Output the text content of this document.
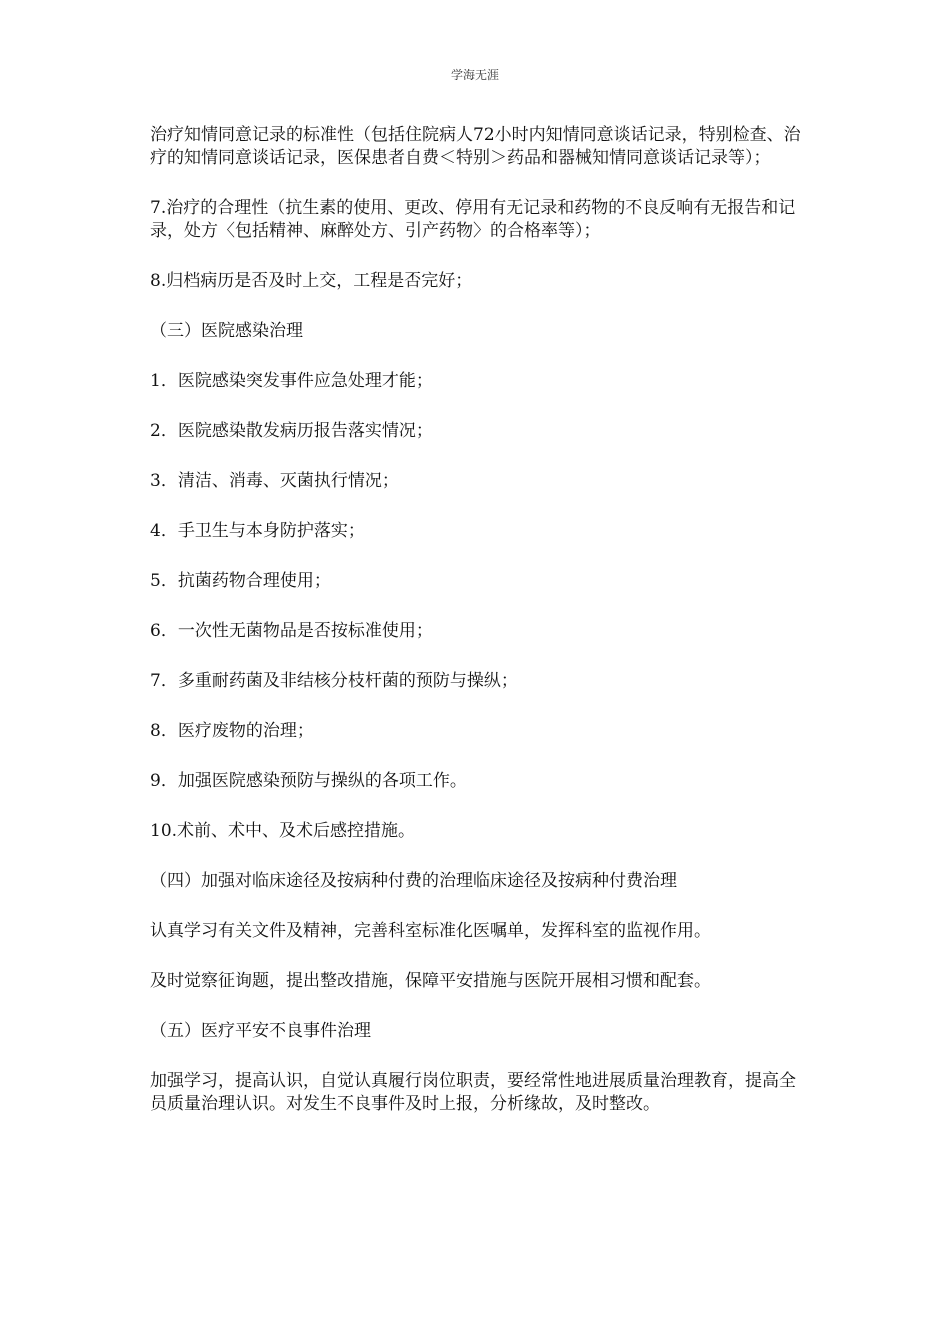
学海无涯

治疗知情同意记录的标准性（包括住院病人72小时内知情同意谈话记录，特别检查、治疗的知情同意谈话记录，医保患者自费＜特别＞药品和器械知情同意谈话记录等）；

7.治疗的合理性（抗生素的使用、更改、停用有无记录和药物的不良反响有无报告和记录，处方〈包括精神、麻醉处方、引产药物〉的合格率等）；

8.归档病历是否及时上交，工程是否完好；

（三）医院感染治理

1．医院感染突发事件应急处理才能；

2．医院感染散发病历报告落实情况；

3．清洁、消毒、灭菌执行情况；

4．手卫生与本身防护落实；

5．抗菌药物合理使用；

6．一次性无菌物品是否按标准使用；

7．多重耐药菌及非结核分枝杆菌的预防与操纵；

8．医疗废物的治理；

9．加强医院感染预防与操纵的各项工作。

10.术前、术中、及术后感控措施。

（四）加强对临床途径及按病种付费的治理临床途径及按病种付费治理

认真学习有关文件及精神，完善科室标准化医嘱单，发挥科室的监视作用。

及时觉察征询题，提出整改措施，保障平安措施与医院开展相习惯和配套。

（五）医疗平安不良事件治理

加强学习，提高认识，自觉认真履行岗位职责，要经常性地进展质量治理教育，提高全员质量治理认识。对发生不良事件及时上报，分析缘故，及时整改。
